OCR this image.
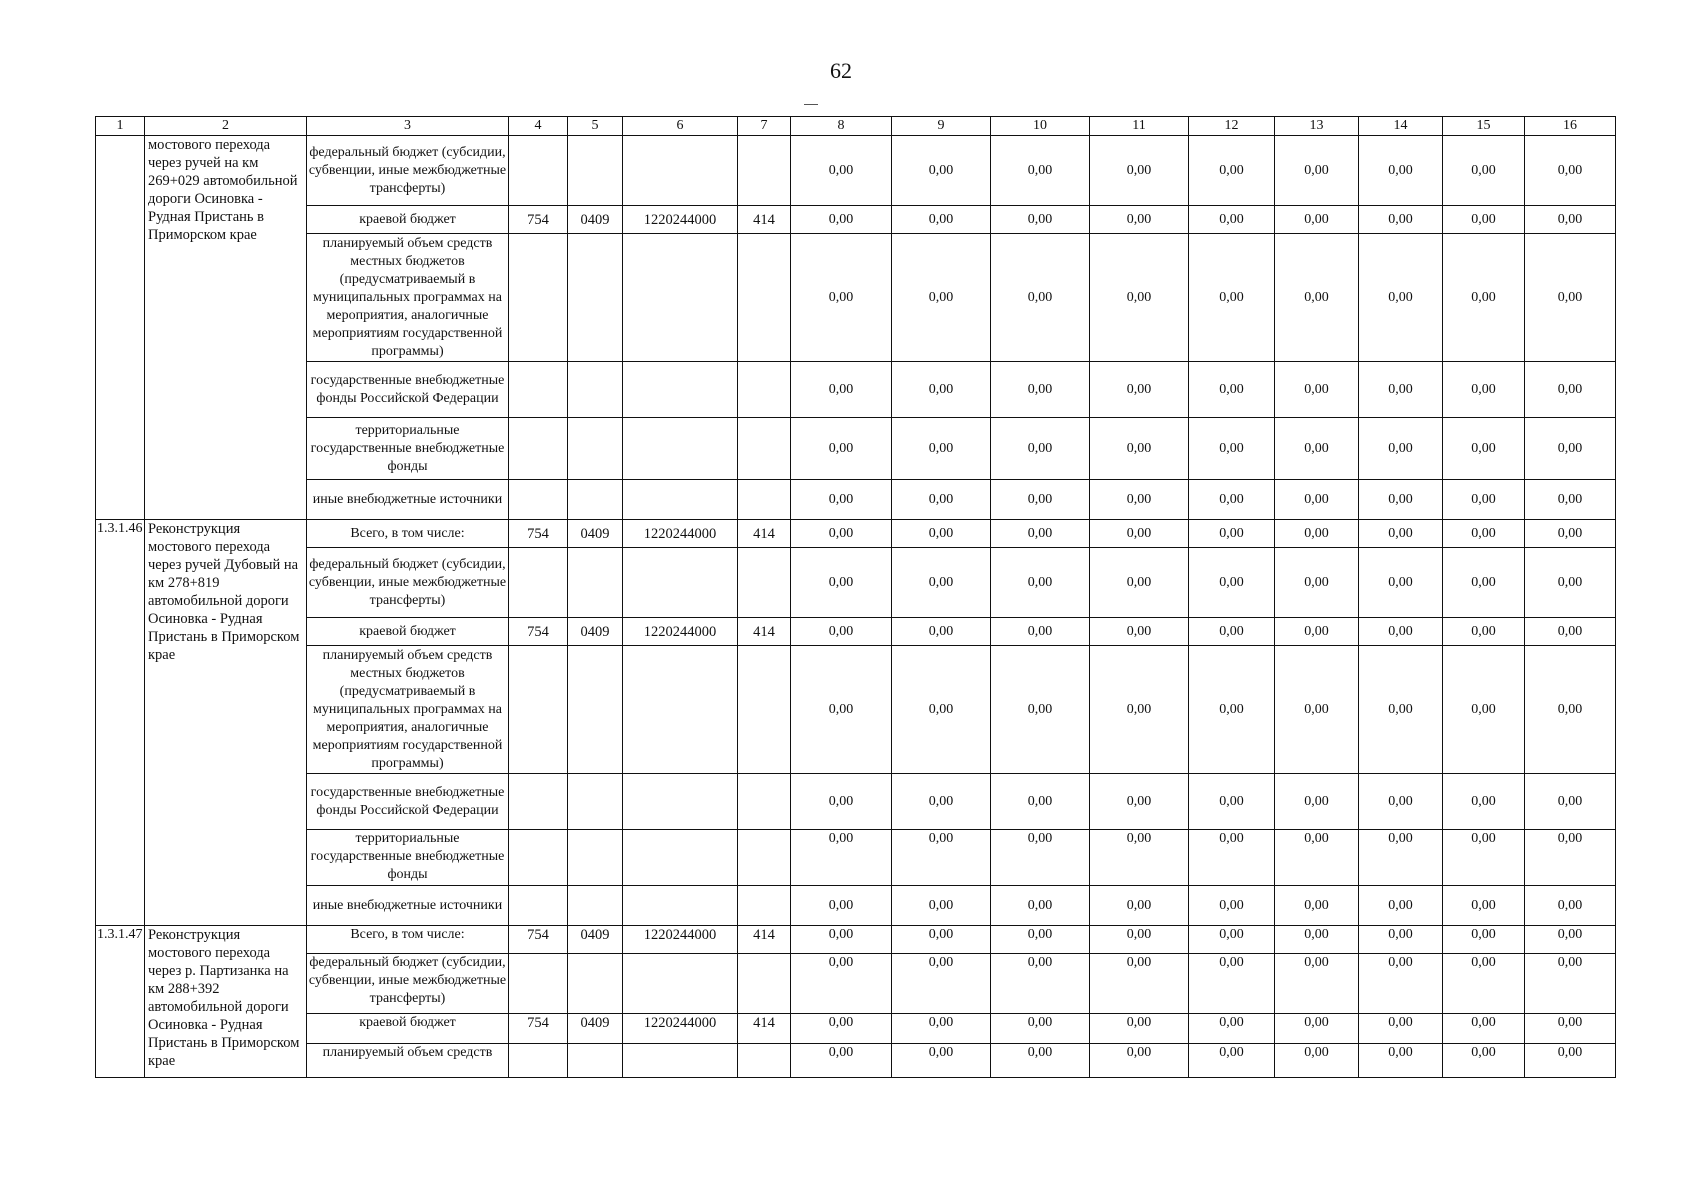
62
1	2	3	4	5	6	7	8	9	10	11	12	13	14	15	16
	мостового перехода через ручей на км 269+029 автомобильной дороги Осиновка - Рудная Пристань в Приморском крае	федеральный бюджет (субсидии, субвенции, иные межбюджетные трансферты)					0,00	0,00	0,00	0,00	0,00	0,00	0,00	0,00	0,00
		краевой бюджет	754	0409	1220244000	414	0,00	0,00	0,00	0,00	0,00	0,00	0,00	0,00	0,00
		планируемый объем средств местных бюджетов (предусматриваемый в муниципальных программах на мероприятия, аналогичные мероприятиям государственной программы)					0,00	0,00	0,00	0,00	0,00	0,00	0,00	0,00	0,00
		государственные внебюджетные фонды Российской Федерации					0,00	0,00	0,00	0,00	0,00	0,00	0,00	0,00	0,00
		территориальные государственные внебюджетные фонды					0,00	0,00	0,00	0,00	0,00	0,00	0,00	0,00	0,00
		иные внебюджетные источники					0,00	0,00	0,00	0,00	0,00	0,00	0,00	0,00	0,00
1.3.1.46	Реконструкция мостового перехода через ручей Дубовый на км 278+819 автомобильной дороги Осиновка - Рудная Пристань в Приморском крае	Всего, в том числе:	754	0409	1220244000	414	0,00	0,00	0,00	0,00	0,00	0,00	0,00	0,00	0,00
		федеральный бюджет (субсидии, субвенции, иные межбюджетные трансферты)					0,00	0,00	0,00	0,00	0,00	0,00	0,00	0,00	0,00
		краевой бюджет	754	0409	1220244000	414	0,00	0,00	0,00	0,00	0,00	0,00	0,00	0,00	0,00
		планируемый объем средств местных бюджетов (предусматриваемый в муниципальных программах на мероприятия, аналогичные мероприятиям государственной программы)					0,00	0,00	0,00	0,00	0,00	0,00	0,00	0,00	0,00
		государственные внебюджетные фонды Российской Федерации					0,00	0,00	0,00	0,00	0,00	0,00	0,00	0,00	0,00
		территориальные государственные внебюджетные фонды					0,00	0,00	0,00	0,00	0,00	0,00	0,00	0,00	0,00
		иные внебюджетные источники					0,00	0,00	0,00	0,00	0,00	0,00	0,00	0,00	0,00
1.3.1.47	Реконструкция мостового перехода через р. Партизанка на км 288+392 автомобильной дороги Осиновка - Рудная Пристань в Приморском крае	Всего, в том числе:	754	0409	1220244000	414	0,00	0,00	0,00	0,00	0,00	0,00	0,00	0,00	0,00
		федеральный бюджет (субсидии, субвенции, иные межбюджетные трансферты)					0,00	0,00	0,00	0,00	0,00	0,00	0,00	0,00	0,00
		краевой бюджет	754	0409	1220244000	414	0,00	0,00	0,00	0,00	0,00	0,00	0,00	0,00	0,00
		планируемый объем средств					0,00	0,00	0,00	0,00	0,00	0,00	0,00	0,00	0,00
